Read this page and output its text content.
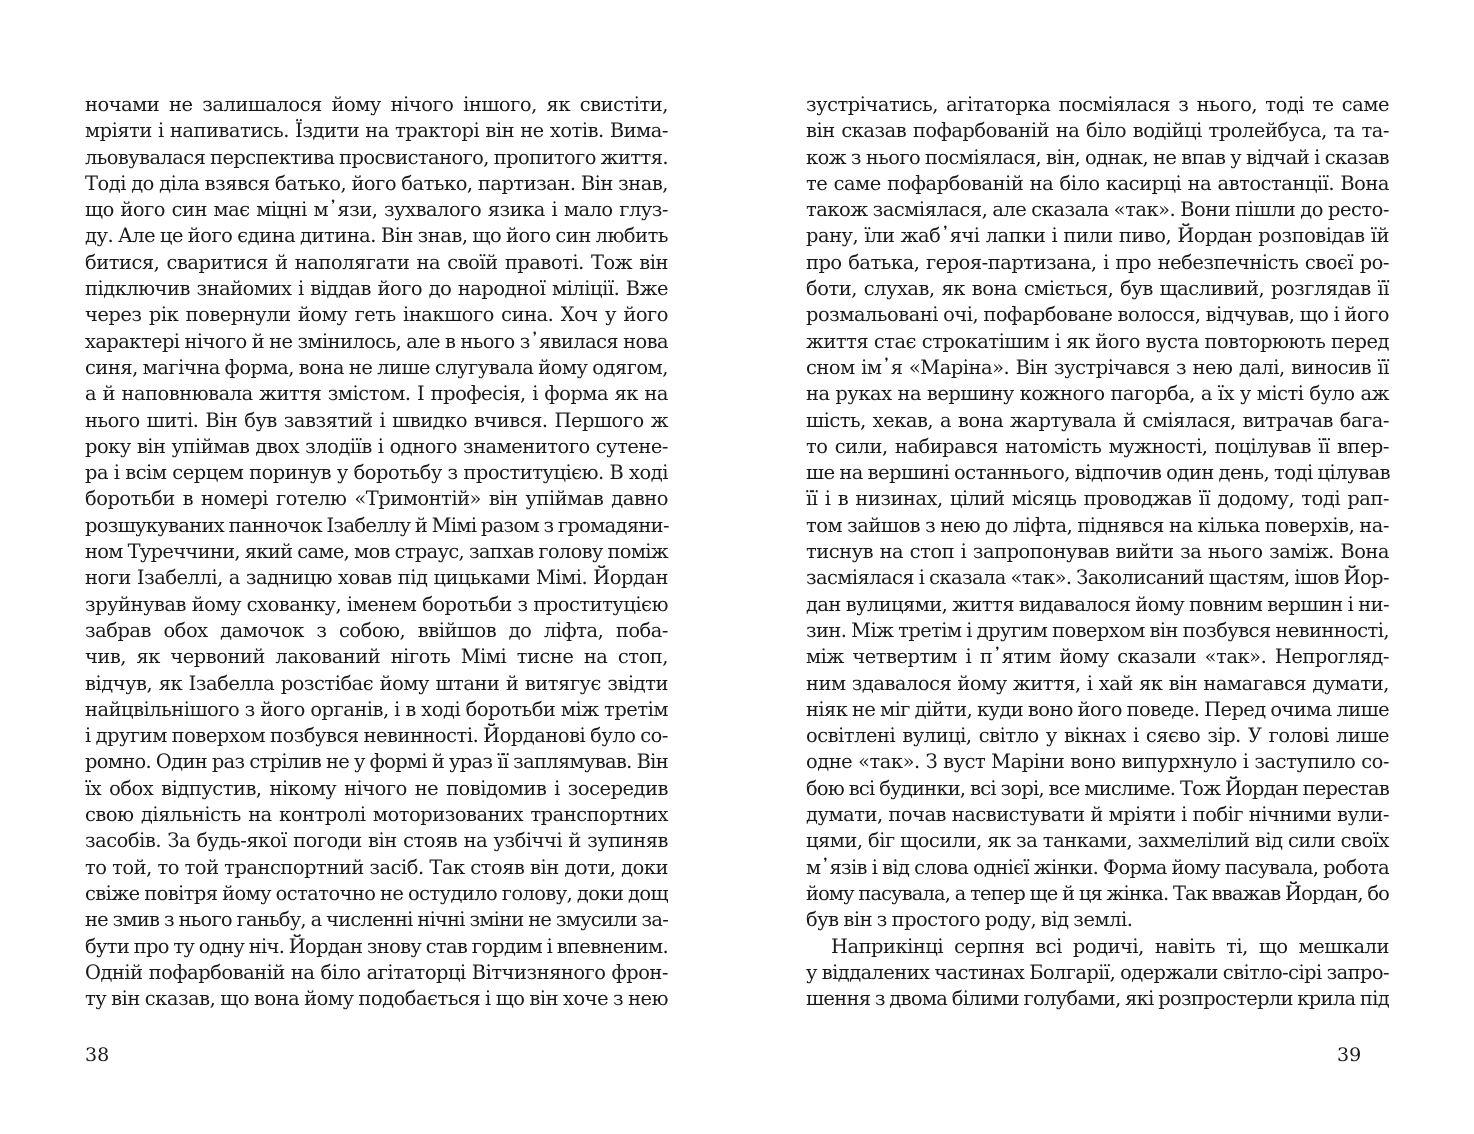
ночами не залишалося йому нічого іншого, як свистіти,
мріяти і напиватись. Їздити на тракторі він не хотів. Вима-
льовувалася перспектива просвистаного, пропитого життя.
Тоді до діла взявся батько, його батько, партизан. Він знав,
що його син має міцні м᾿язи, зухвалого язика і мало глуз-
ду. Але це його єдина дитина. Він знав, що його син любить
битися, сваритися й наполягати на своїй правоті. Тож він
підключив знайомих і віддав його до народної міліції. Вже
через рік повернули йому геть інакшого сина. Хоч у його
характері нічого й не змінилось, але в нього з᾿явилася нова
синя, магічна форма, вона не лише слугувала йому одягом,
а й наповнювала життя змістом. І професія, і форма як на
нього шиті. Він був завзятий і швидко вчився. Першого ж
року він упіймав двох злодіїв і одного знаменитого сутене-
ра і всім серцем поринув у боротьбу з проституцією. В ході
боротьби в номері готелю «Тримонтій» він упіймав давно
розшукуваних панночок Ізабеллу й Мімі разом з громадяни-
ном Туреччини, який саме, мов страус, запхав голову поміж
ноги Ізабеллі, а задницю ховав під цицьками Мімі. Йордан
зруйнував йому схованку, іменем боротьби з проституцією
забрав обох дамочок з собою, ввійшов до ліфта, поба-
чив, як червоний лакований ніготь Мімі тисне на стоп,
відчув, як Ізабелла розстібає йому штани й витягує звідти
найцвільнішого з його органів, і в ході боротьби між третім
і другим поверхом позбувся невинності. Йорданові було со-
ромно. Один раз стрілив не у формі й ураз її заплямував. Він
їх обох відпустив, нікому нічого не повідомив і зосередив
свою діяльність на контролі моторизованих транспортних
засобів. За будь-якої погоди він стояв на узбіччі й зупиняв
то той, то той транспортний засіб. Так стояв він доти, доки
свіже повітря йому остаточно не остудило голову, доки дощ
не змив з нього ганьбу, а численні нічні зміни не змусили за-
бути про ту одну ніч. Йордан знову став гордим і впевненим.
Одній пофарбованій на біло агітаторці Вітчизняного фрон-
ту він сказав, що вона йому подобається і що він хоче з нею
38
зустрічатись, агітаторка посміялася з нього, тоді те саме
він сказав пофарбованій на біло водійці тролейбуса, та та-
кож з нього посміялася, він, однак, не впав у відчай і сказав
те саме пофарбованій на біло касирці на автостанції. Вона
також засміялася, але сказала «так». Вони пішли до ресто-
рану, їли жаб᾿ячі лапки і пили пиво, Йордан розповідав їй
про батька, героя-партизана, і про небезпечність своєї ро-
боти, слухав, як вона сміється, був щасливий, розглядав її
розмальовані очі, пофарбоване волосся, відчував, що і його
життя стає строкатішим і як його вуста повторюють перед
сном ім᾿я «Маріна». Він зустрічався з нею далі, виносив її
на руках на вершину кожного пагорба, а їх у місті було аж
шість, хекав, а вона жартувала й сміялася, витрачав бага-
то сили, набирався натомість мужності, поцілував її впер-
ше на вершині останнього, відпочив один день, тоді цілував
її і в низинах, цілий місяць проводжав її додому, тоді рап-
том зайшов з нею до ліфта, піднявся на кілька поверхів, на-
тиснув на стоп і запропонував вийти за нього заміж. Вона
засміялася і сказала «так». Заколисаний щастям, ішов Йор-
дан вулицями, життя видавалося йому повним вершин і ни-
зин. Між третім і другим поверхом він позбувся невинності,
між четвертим і п᾿ятим йому сказали «так». Непрогляд-
ним здавалося йому життя, і хай як він намагався думати,
ніяк не міг дійти, куди воно його поведе. Перед очима лише
освітлені вулиці, світло у вікнах і сяєво зір. У голові лише
одне «так». З вуст Маріни воно випурхнуло і заступило со-
бою всі будинки, всі зорі, все мислиме. Тож Йордан перестав
думати, почав насвистувати й мріяти і побіг нічними вули-
цями, біг щосили, як за танками, захмелілий від сили своїх
м᾿язів і від слова однієї жінки. Форма йому пасувала, робота
йому пасувала, а тепер ще й ця жінка. Так вважав Йордан, бо
був він з простого роду, від землі.
Наприкінці серпня всі родичі, навіть ті, що мешкали
у віддалених частинах Болгарії, одержали світло-сірі запро-
шення з двома білими голубами, які розпростерли крила під
39
